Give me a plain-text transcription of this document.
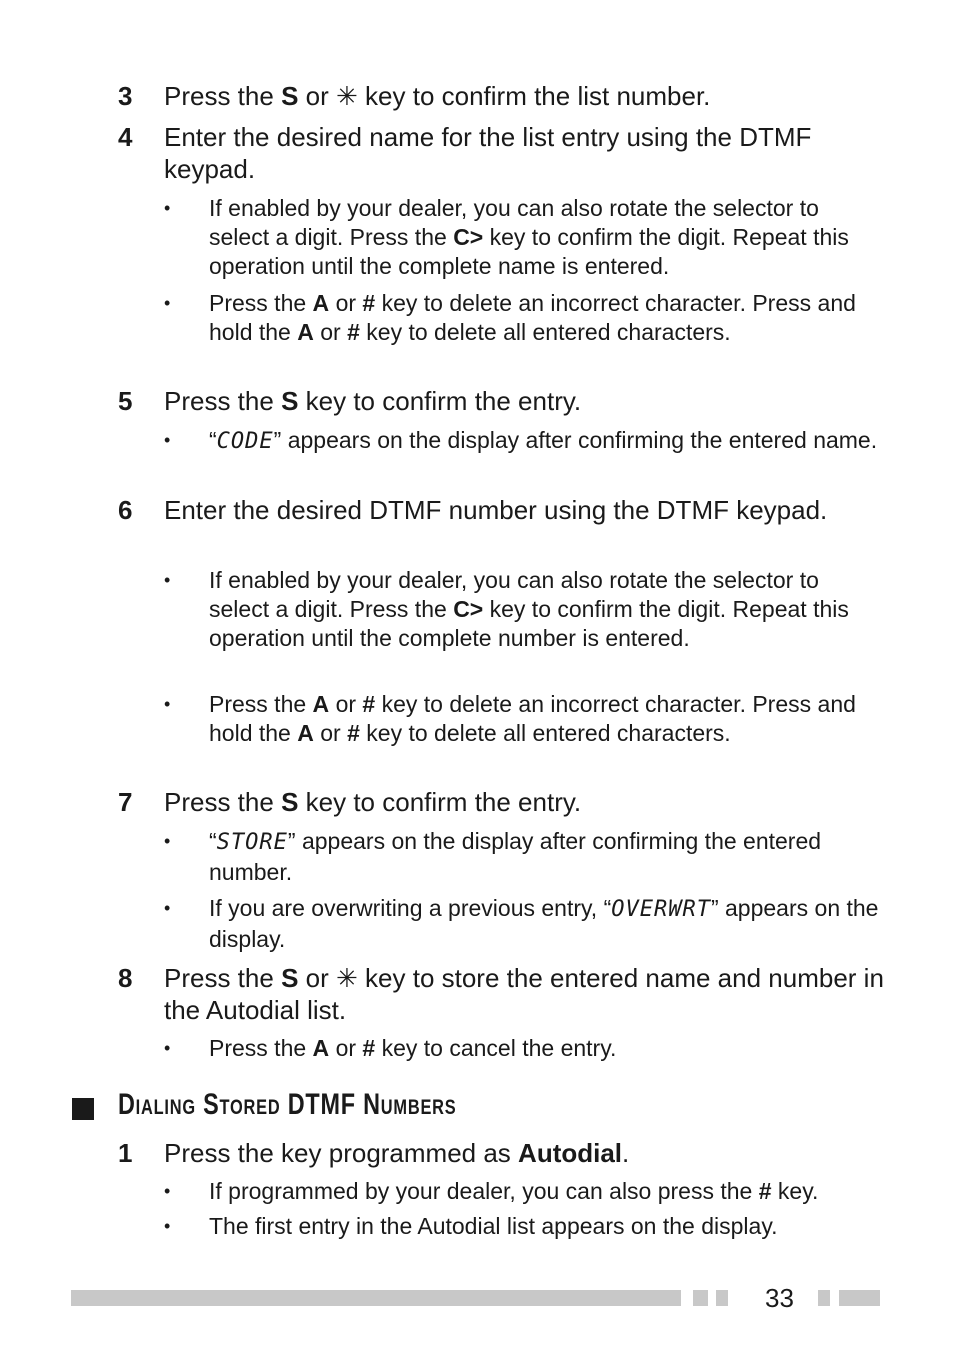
3 Press the S or ✳ key to confirm the list number.
4 Enter the desired name for the list entry using the DTMF keypad.
• If enabled by your dealer, you can also rotate the selector to select a digit. Press the C> key to confirm the digit. Repeat this operation until the complete name is entered.
• Press the A or # key to delete an incorrect character. Press and hold the A or # key to delete all entered characters.
5 Press the S key to confirm the entry.
• “CODE” appears on the display after confirming the entered name.
6 Enter the desired DTMF number using the DTMF keypad.
• If enabled by your dealer, you can also rotate the selector to select a digit. Press the C> key to confirm the digit. Repeat this operation until the complete number is entered.
• Press the A or # key to delete an incorrect character. Press and hold the A or # key to delete all entered characters.
7 Press the S key to confirm the entry.
• “STORE” appears on the display after confirming the entered number.
• If you are overwriting a previous entry, “OVERWRT” appears on the display.
8 Press the S or ✳ key to store the entered name and number in the Autodial list.
• Press the A or # key to cancel the entry.
Dialing Stored DTMF Numbers
1 Press the key programmed as Autodial.
• If programmed by your dealer, you can also press the # key.
• The first entry in the Autodial list appears on the display.
33
